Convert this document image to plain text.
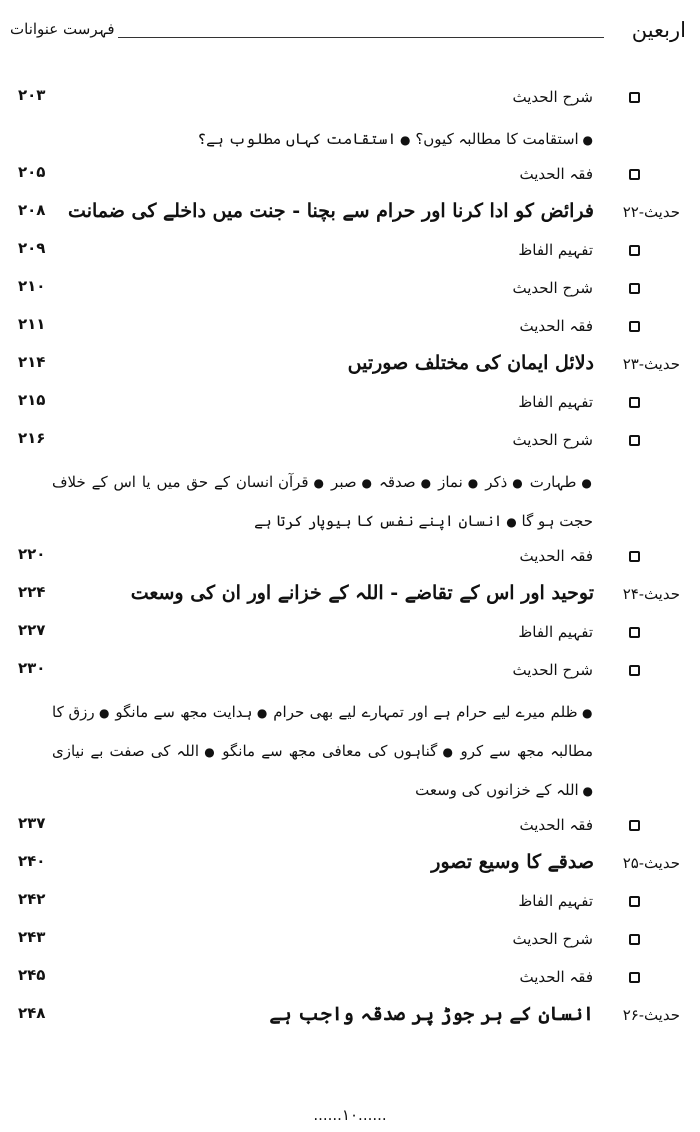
اربعین
فہرست عنوانات
شرح الحدیث
۲۰۳
● استقامت کا مطالبہ کیوں؟ ● استقامت کہاں مطلوب ہے؟
فقہ الحدیث
۲۰۵
حدیث-۲۲
فرائض کو ادا کرنا اور حرام سے بچنا - جنت میں داخلے کی ضمانت
۲۰۸
تفہیم الفاظ
۲۰۹
شرح الحدیث
۲۱۰
فقہ الحدیث
۲۱۱
حدیث-۲۳
دلائل ایمان کی مختلف صورتیں
۲۱۴
تفہیم الفاظ
۲۱۵
شرح الحدیث
۲۱۶
● طہارت ● ذکر ● نماز ● صدقہ ● صبر ● قرآن انسان کے حق میں یا اس کے خلاف حجت ہو گا ● انسان اپنے نفس کا بیوپار کرتا ہے
فقہ الحدیث
۲۲۰
حدیث-۲۴
توحید اور اس کے تقاضے - اللہ کے خزانے اور ان کی وسعت
۲۲۴
تفہیم الفاظ
۲۲۷
شرح الحدیث
۲۳۰
● ظلم میرے لیے حرام ہے اور تمہارے لیے بھی حرام ● ہدایت مجھ سے مانگو ● رزق کا مطالبہ مجھ سے کرو ● گناہوں کی معافی مجھ سے مانگو ● اللہ کی صفت بے نیازی ● اللہ کے خزانوں کی وسعت
فقہ الحدیث
۲۳۷
حدیث-۲۵
صدقے کا وسیع تصور
۲۴۰
تفہیم الفاظ
۲۴۲
شرح الحدیث
۲۴۳
فقہ الحدیث
۲۴۵
حدیث-۲۶
انسان کے ہر جوڑ پر صدقہ واجب ہے
۲۴۸
......۱۰......
